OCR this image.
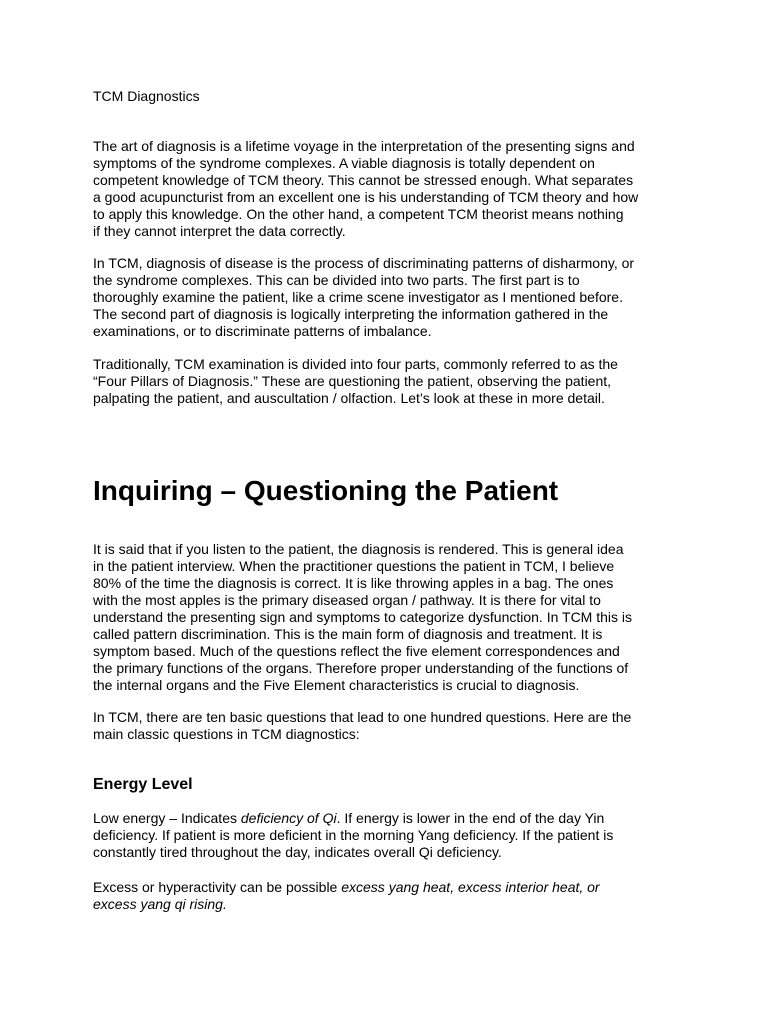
TCM Diagnostics
The art of diagnosis is a lifetime voyage in the interpretation of the presenting signs and
symptoms of the syndrome complexes. A viable diagnosis is totally dependent on
competent knowledge of TCM theory. This cannot be stressed enough. What separates
a good acupuncturist from an excellent one is his understanding of TCM theory and how
to apply this knowledge. On the other hand, a competent TCM theorist means nothing
if they cannot interpret the data correctly.
In TCM, diagnosis of disease is the process of discriminating patterns of disharmony, or
the syndrome complexes. This can be divided into two parts. The first part is to
thoroughly examine the patient, like a crime scene investigator as I mentioned before.
The second part of diagnosis is logically interpreting the information gathered in the
examinations, or to discriminate patterns of imbalance.
Traditionally, TCM examination is divided into four parts, commonly referred to as the
“Four Pillars of Diagnosis.” These are questioning the patient, observing the patient,
palpating the patient, and auscultation / olfaction. Let’s look at these in more detail.
Inquiring – Questioning the Patient
It is said that if you listen to the patient, the diagnosis is rendered. This is general idea
in the patient interview. When the practitioner questions the patient in TCM, I believe
80% of the time the diagnosis is correct. It is like throwing apples in a bag. The ones
with the most apples is the primary diseased organ / pathway. It is there for vital to
understand the presenting sign and symptoms to categorize dysfunction. In TCM this is
called pattern discrimination. This is the main form of diagnosis and treatment. It is
symptom based. Much of the questions reflect the five element correspondences and
the primary functions of the organs. Therefore proper understanding of the functions of
the internal organs and the Five Element characteristics is crucial to diagnosis.
In TCM, there are ten basic questions that lead to one hundred questions. Here are the
main classic questions in TCM diagnostics:
Energy Level
Low energy – Indicates deficiency of Qi. If energy is lower in the end of the day Yin
deficiency. If patient is more deficient in the morning Yang deficiency. If the patient is
constantly tired throughout the day, indicates overall Qi deficiency.
Excess or hyperactivity can be possible excess yang heat, excess interior heat, or
excess yang qi rising.
